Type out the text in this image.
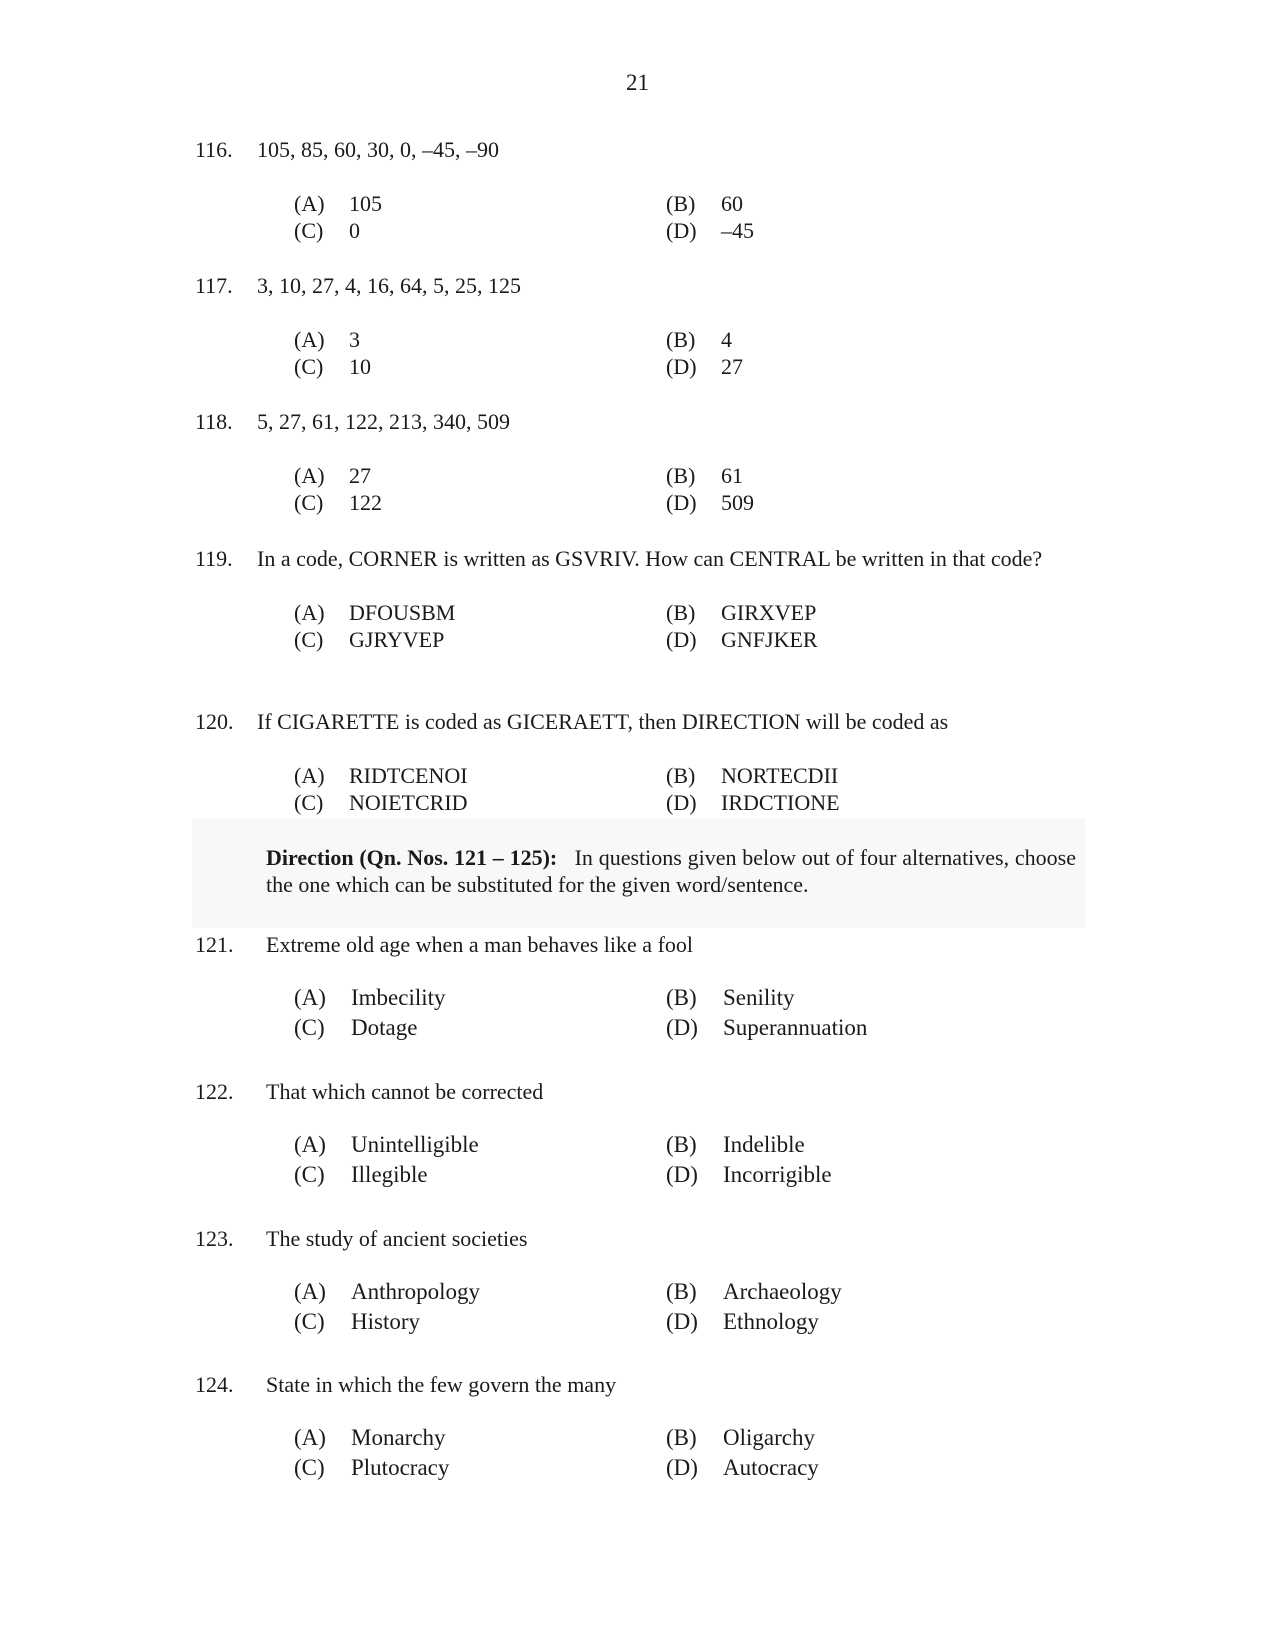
21
116.	105, 85, 60, 30, 0, –45, –90
(A)	105	(B)	60
(C)	0	(D)	–45
117.	3, 10, 27, 4, 16, 64, 5, 25, 125
(A)	3	(B)	4
(C)	10	(D)	27
118.	5, 27, 61, 122, 213, 340, 509
(A)	27	(B)	61
(C)	122	(D)	509
119.	In a code, CORNER is written as GSVRIV. How can CENTRAL be written in that code?
(A)	DFOUSBM	(B)	GIRXVEP
(C)	GJRYVEP	(D)	GNFJKER
120.	If CIGARETTE is coded as GICERAETT, then DIRECTION will be coded as
(A)	RIDTCENOI	(B)	NORTECDII
(C)	NOIETCRID	(D)	IRDCTIONE
Direction (Qn. Nos. 121 – 125): In questions given below out of four alternatives, choose the one which can be substituted for the given word/sentence.
121.	Extreme old age when a man behaves like a fool
(A)	Imbecility	(B)	Senility
(C)	Dotage	(D)	Superannuation
122.	That which cannot be corrected
(A)	Unintelligible	(B)	Indelible
(C)	Illegible	(D)	Incorrigible
123.	The study of ancient societies
(A)	Anthropology	(B)	Archaeology
(C)	History	(D)	Ethnology
124.	State in which the few govern the many
(A)	Monarchy	(B)	Oligarchy
(C)	Plutocracy	(D)	Autocracy
